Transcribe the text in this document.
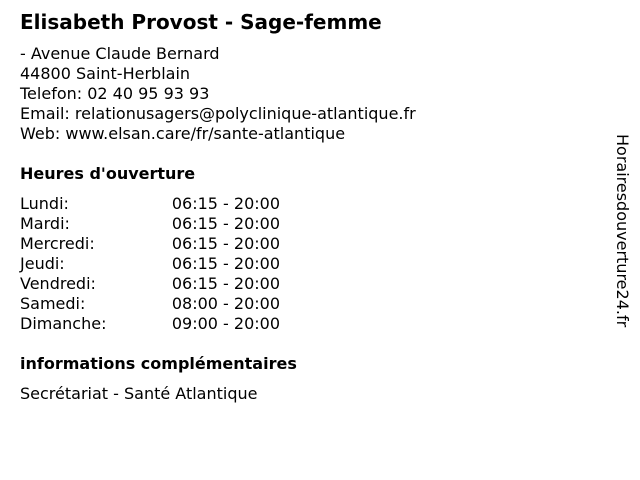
Elisabeth Provost - Sage-femme
- Avenue Claude Bernard
44800 Saint-Herblain
Telefon: 02 40 95 93 93
Email: relationusagers@polyclinique-atlantique.fr
Web: www.elsan.care/fr/sante-atlantique
Heures d'ouverture
Lundi:	06:15 - 20:00
Mardi:	06:15 - 20:00
Mercredi:	06:15 - 20:00
Jeudi:	06:15 - 20:00
Vendredi:	06:15 - 20:00
Samedi:	08:00 - 20:00
Dimanche:	09:00 - 20:00
informations complémentaires
Secrétariat - Santé Atlantique
Horairesdouverture24.fr
